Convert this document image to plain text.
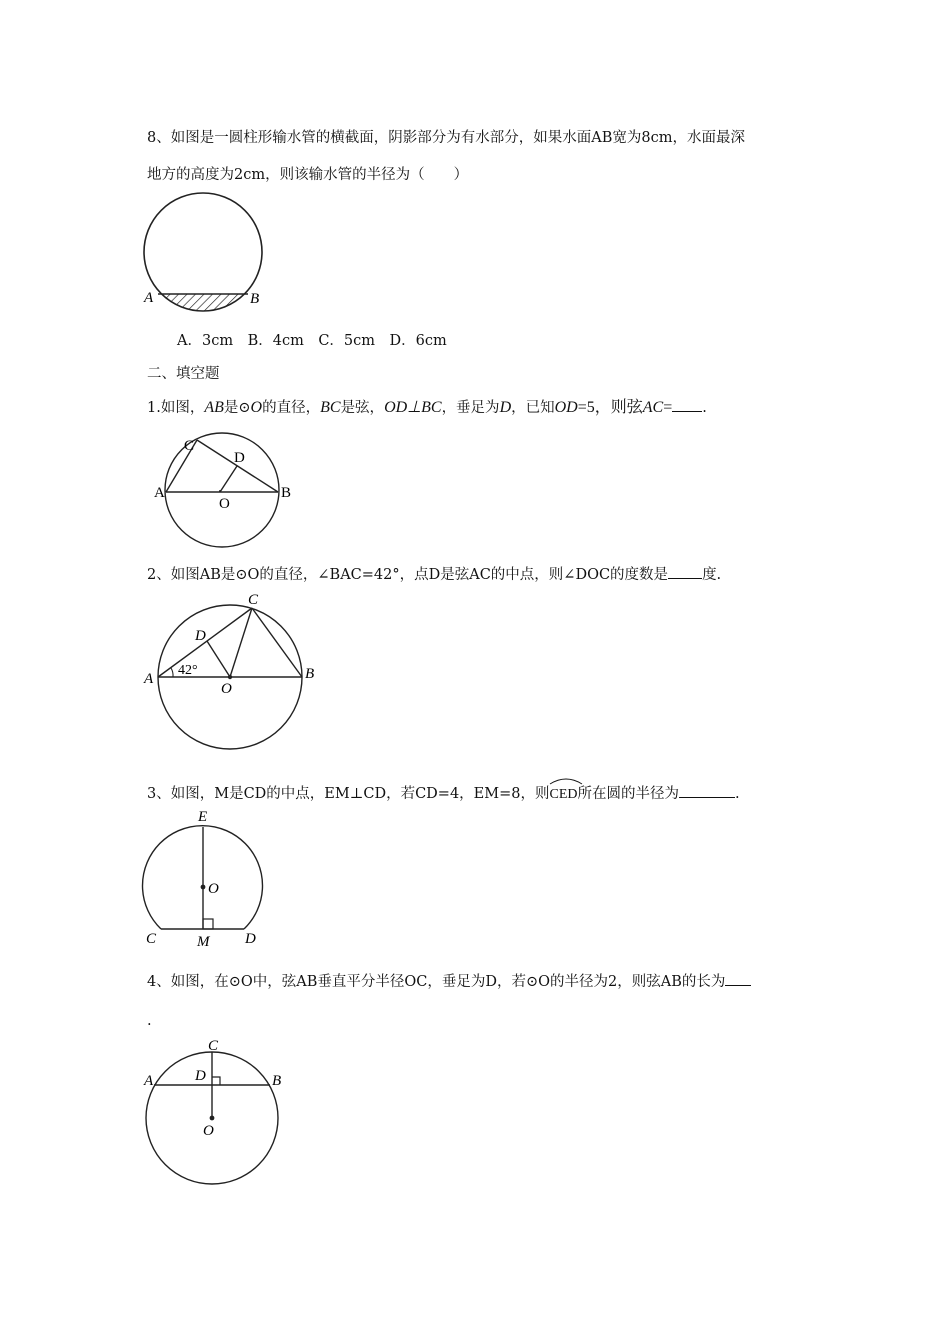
8、如图是一圆柱形输水管的横截面，阴影部分为有水部分，如果水面AB宽为8cm，水面最深
地方的高度为2cm，则该输水管的半径为（　　）
A	B
A．3cm　B．4cm　C．5cm　D．6cm
二、填空题
1.如图，AB是⊙O的直径，BC是弦，OD⊥BC，垂足为D，已知OD=5，则弦AC= .
A	B
C
D
O
2、如图AB是⊙O的直径，∠BAC=42°，点D是弦AC的中点，则∠DOC的度数是 度.
A	B
C
D
O
42°
3、如图，M是CD的中点，EM⊥CD，若CD=4，EM=8，则
CED所在圆的半径为	.
E
O
C	M D
4、如图，在⊙O中，弦AB垂直平分半径OC，垂足为D，若⊙O的半径为2，则弦AB的长为
.
A	B
C
D
O
